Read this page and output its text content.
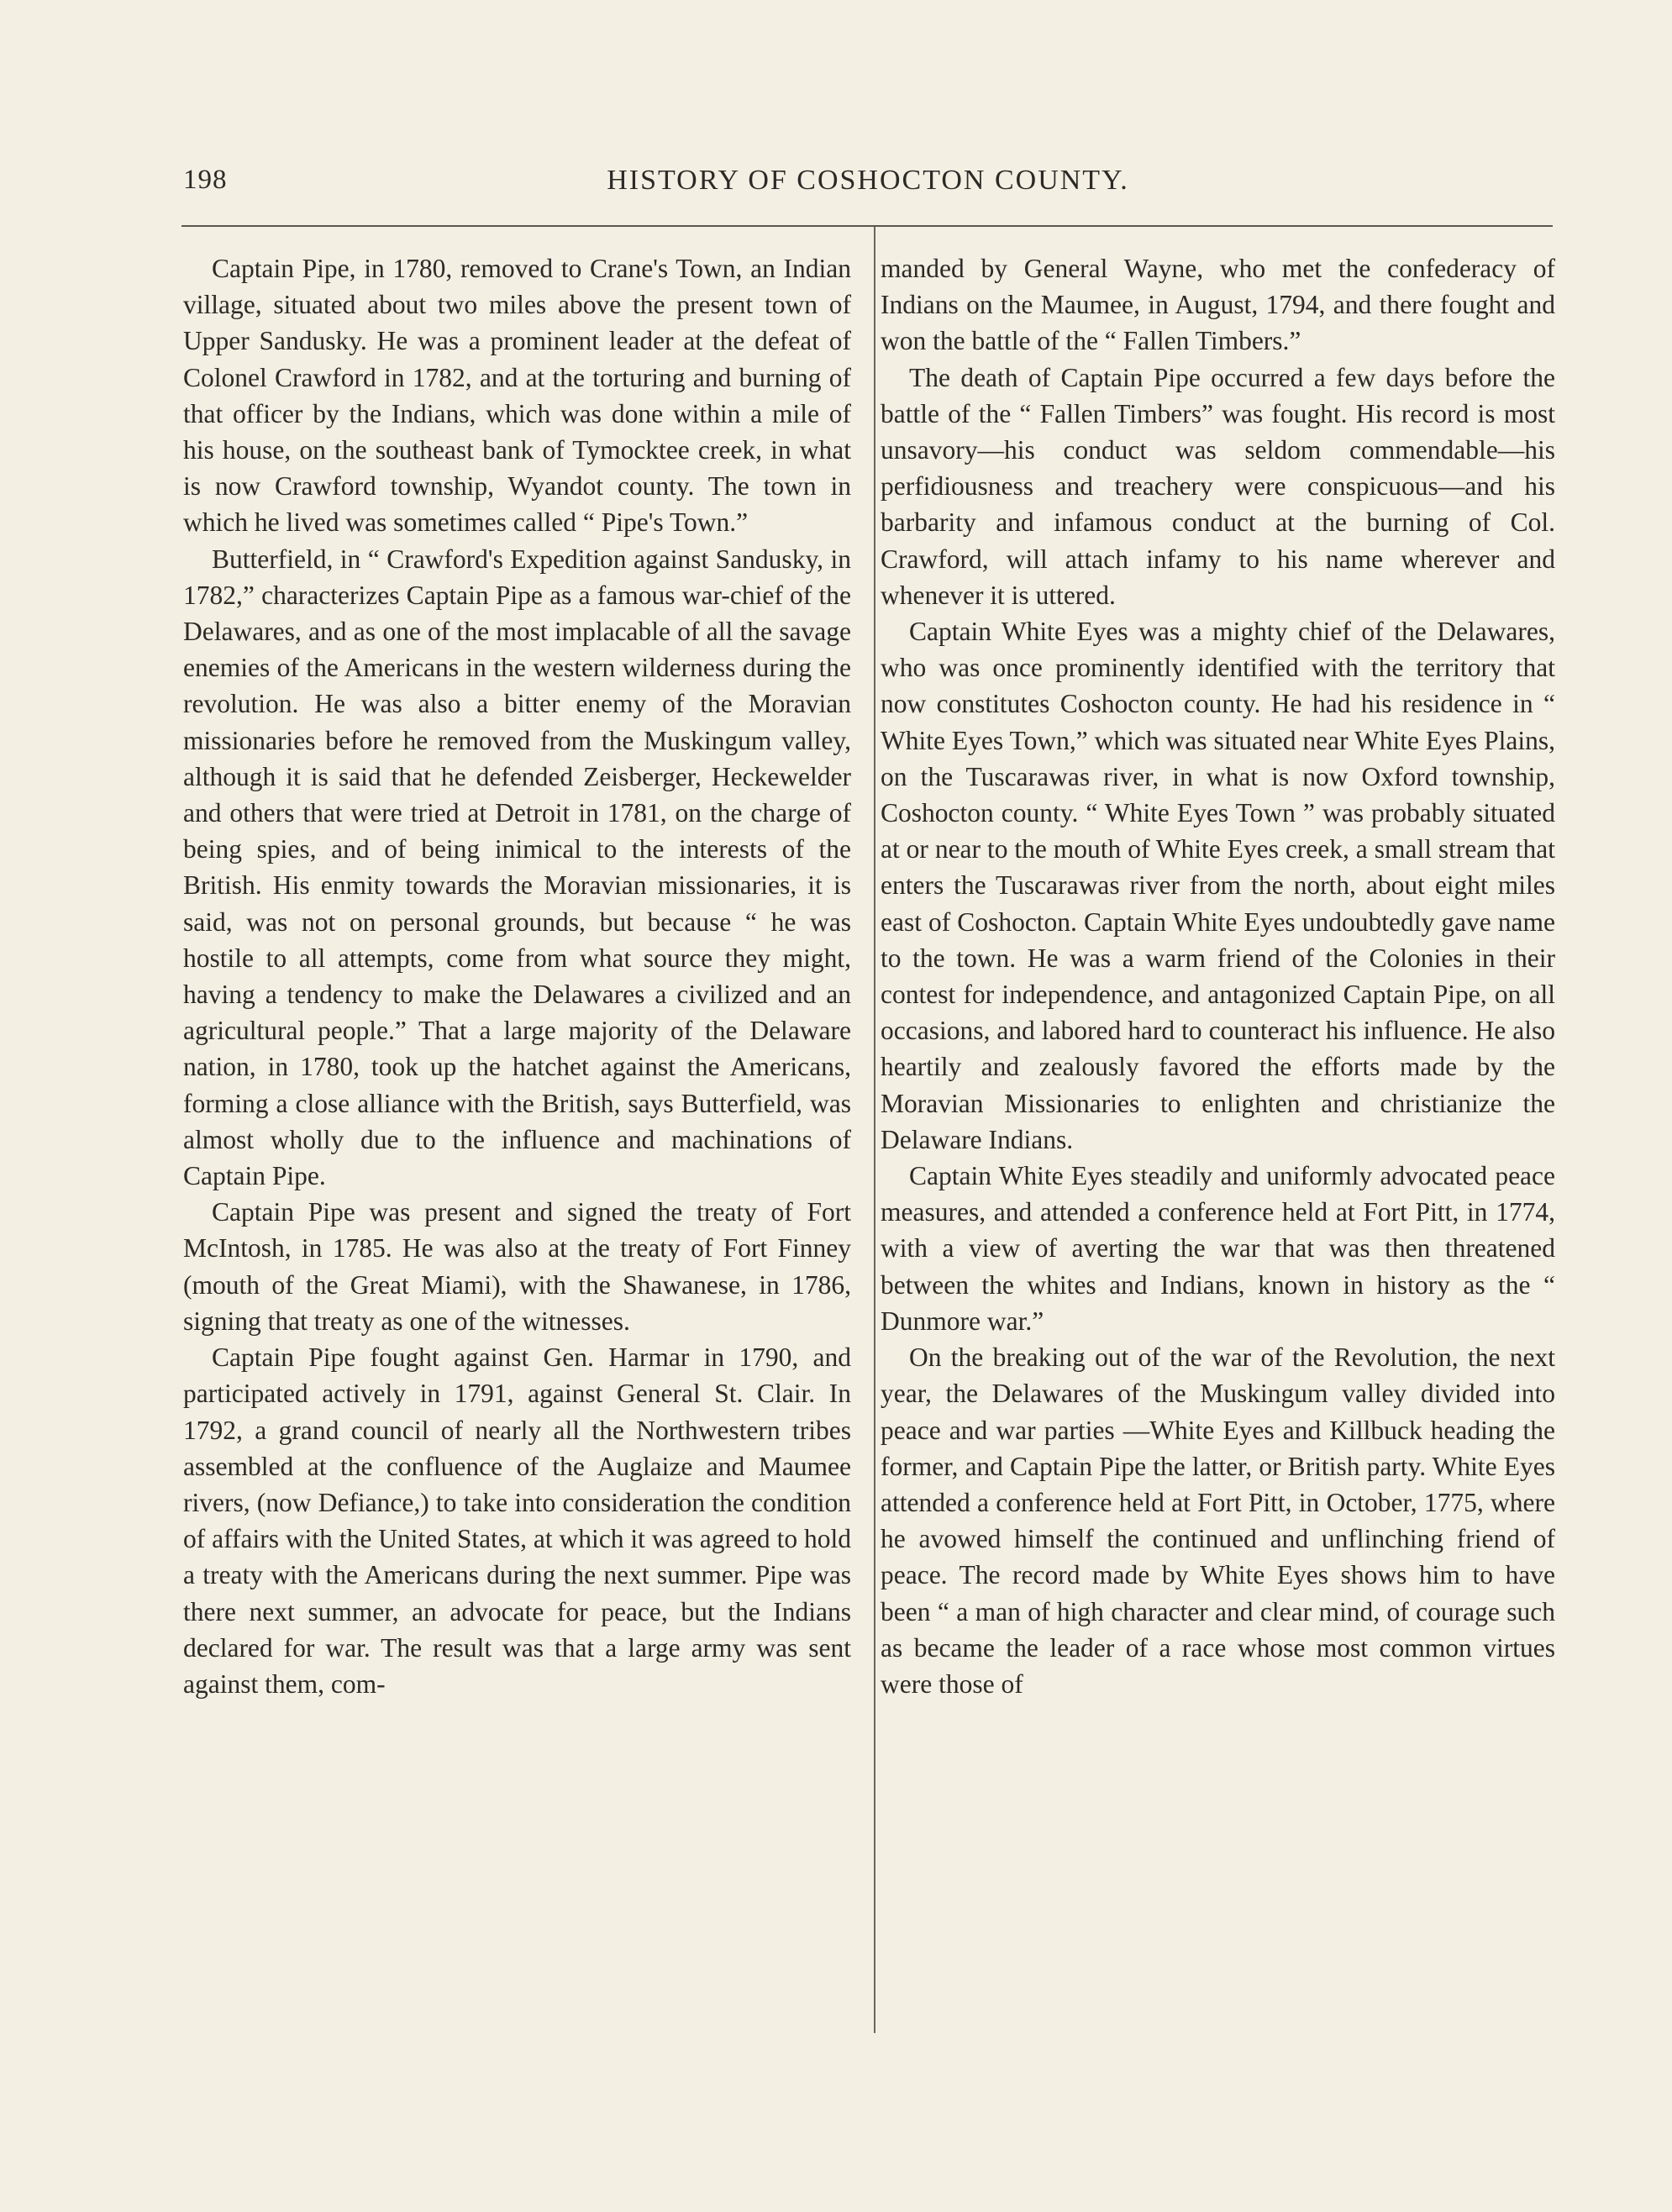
198	HISTORY OF COSHOCTON COUNTY.

Captain Pipe, in 1780, removed to Crane's Town, an Indian village, situated about two miles above the present town of Upper Sandusky. He was a prominent leader at the defeat of Colonel Crawford in 1782, and at the torturing and burning of that officer by the Indians, which was done within a mile of his house, on the southeast bank of Tymocktee creek, in what is now Crawford township, Wyandot county. The town in which he lived was sometimes called “ Pipe's Town.”

Butterfield, in “ Crawford's Expedition against Sandusky, in 1782,” characterizes Captain Pipe as a famous war-chief of the Delawares, and as one of the most implacable of all the savage enemies of the Americans in the western wilderness during the revolution. He was also a bitter enemy of the Moravian missionaries before he removed from the Muskingum valley, although it is said that he defended Zeisberger, Heckewelder and others that were tried at Detroit in 1781, on the charge of being spies, and of being inimical to the interests of the British. His enmity towards the Moravian missionaries, it is said, was not on personal grounds, but because “ he was hostile to all attempts, come from what source they might, having a tendency to make the Delawares a civilized and an agricultural people.” That a large majority of the Delaware nation, in 1780, took up the hatchet against the Americans, forming a close alliance with the British, says Butterfield, was almost wholly due to the influence and machinations of Captain Pipe.

Captain Pipe was present and signed the treaty of Fort McIntosh, in 1785. He was also at the treaty of Fort Finney (mouth of the Great Miami), with the Shawanese, in 1786, signing that treaty as one of the witnesses.

Captain Pipe fought against Gen. Harmar in 1790, and participated actively in 1791, against General St. Clair. In 1792, a grand council of nearly all the Northwestern tribes assembled at the confluence of the Auglaize and Maumee rivers, (now Defiance,) to take into consideration the condition of affairs with the United States, at which it was agreed to hold a treaty with the Americans during the next summer. Pipe was there next summer, an advocate for peace, but the Indians declared for war. The result was that a large army was sent against them, com-

manded by General Wayne, who met the confederacy of Indians on the Maumee, in August, 1794, and there fought and won the battle of the “ Fallen Timbers.”

The death of Captain Pipe occurred a few days before the battle of the “ Fallen Timbers” was fought. His record is most unsavory—his conduct was seldom commendable—his perfidiousness and treachery were conspicuous—and his barbarity and infamous conduct at the burning of Col. Crawford, will attach infamy to his name wherever and whenever it is uttered.

Captain White Eyes was a mighty chief of the Delawares, who was once prominently identified with the territory that now constitutes Coshocton county. He had his residence in “ White Eyes Town,” which was situated near White Eyes Plains, on the Tuscarawas river, in what is now Oxford township, Coshocton county. “ White Eyes Town ” was probably situated at or near to the mouth of White Eyes creek, a small stream that enters the Tuscarawas river from the north, about eight miles east of Coshocton. Captain White Eyes undoubtedly gave name to the town. He was a warm friend of the Colonies in their contest for independence, and antagonized Captain Pipe, on all occasions, and labored hard to counteract his influence. He also heartily and zealously favored the efforts made by the Moravian Missionaries to enlighten and christianize the Delaware Indians.

Captain White Eyes steadily and uniformly advocated peace measures, and attended a conference held at Fort Pitt, in 1774, with a view of averting the war that was then threatened between the whites and Indians, known in history as the “ Dunmore war.”

On the breaking out of the war of the Revolution, the next year, the Delawares of the Muskingum valley divided into peace and war parties —White Eyes and Killbuck heading the former, and Captain Pipe the latter, or British party. White Eyes attended a conference held at Fort Pitt, in October, 1775, where he avowed himself the continued and unflinching friend of peace. The record made by White Eyes shows him to have been “ a man of high character and clear mind, of courage such as became the leader of a race whose most common virtues were those of
